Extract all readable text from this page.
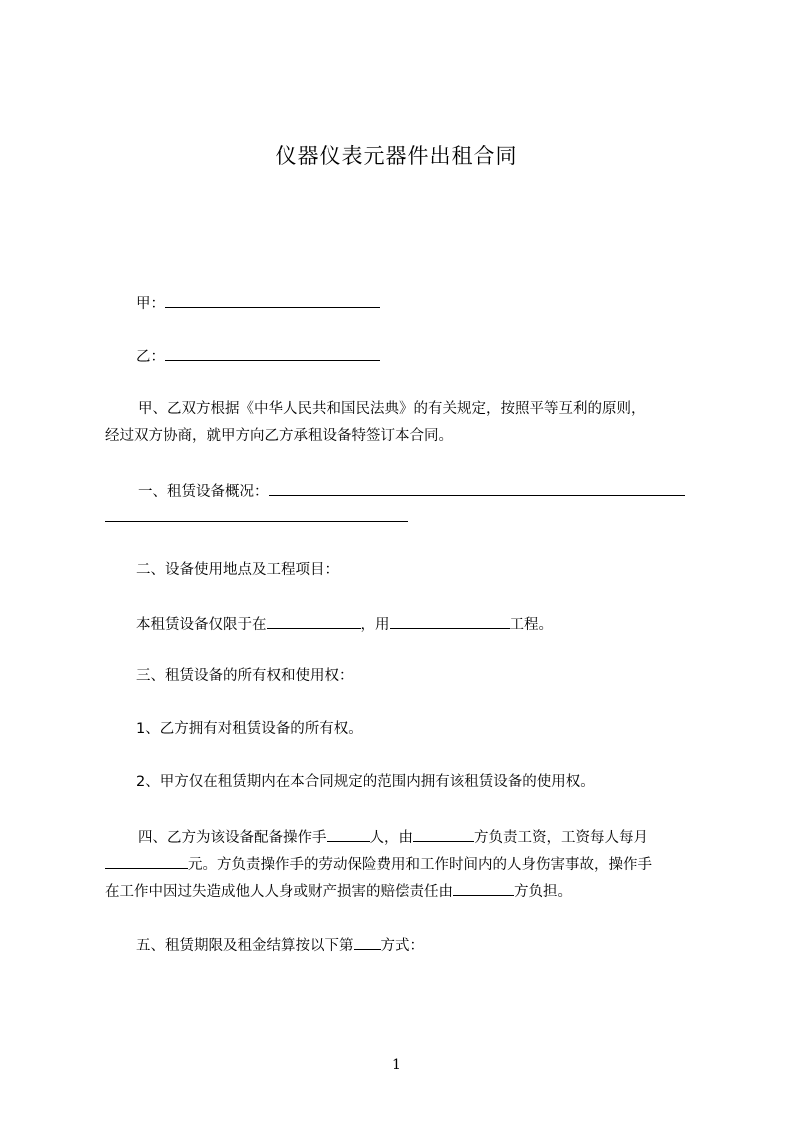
仪器仪表元器件出租合同
甲：
乙：
甲、乙双方根据《中华人民共和国民法典》的有关规定，按照平等互利的原则，
经过双方协商，就甲方向乙方承租设备特签订本合同。
一、租赁设备概况：
二、设备使用地点及工程项目：
本租赁设备仅限于在	，用	工程。
三、租赁设备的所有权和使用权：
1、乙方拥有对租赁设备的所有权。
2、甲方仅在租赁期内在本合同规定的范围内拥有该租赁设备的使用权。
四、乙方为该设备配备操作手	人，由	方负责工资，工资每人每月
元。方负责操作手的劳动保险费用和工作时间内的人身伤害事故，操作手
在工作中因过失造成他人人身或财产损害的赔偿责任由	方负担。
五、租赁期限及租金结算按以下第 方式：
1
